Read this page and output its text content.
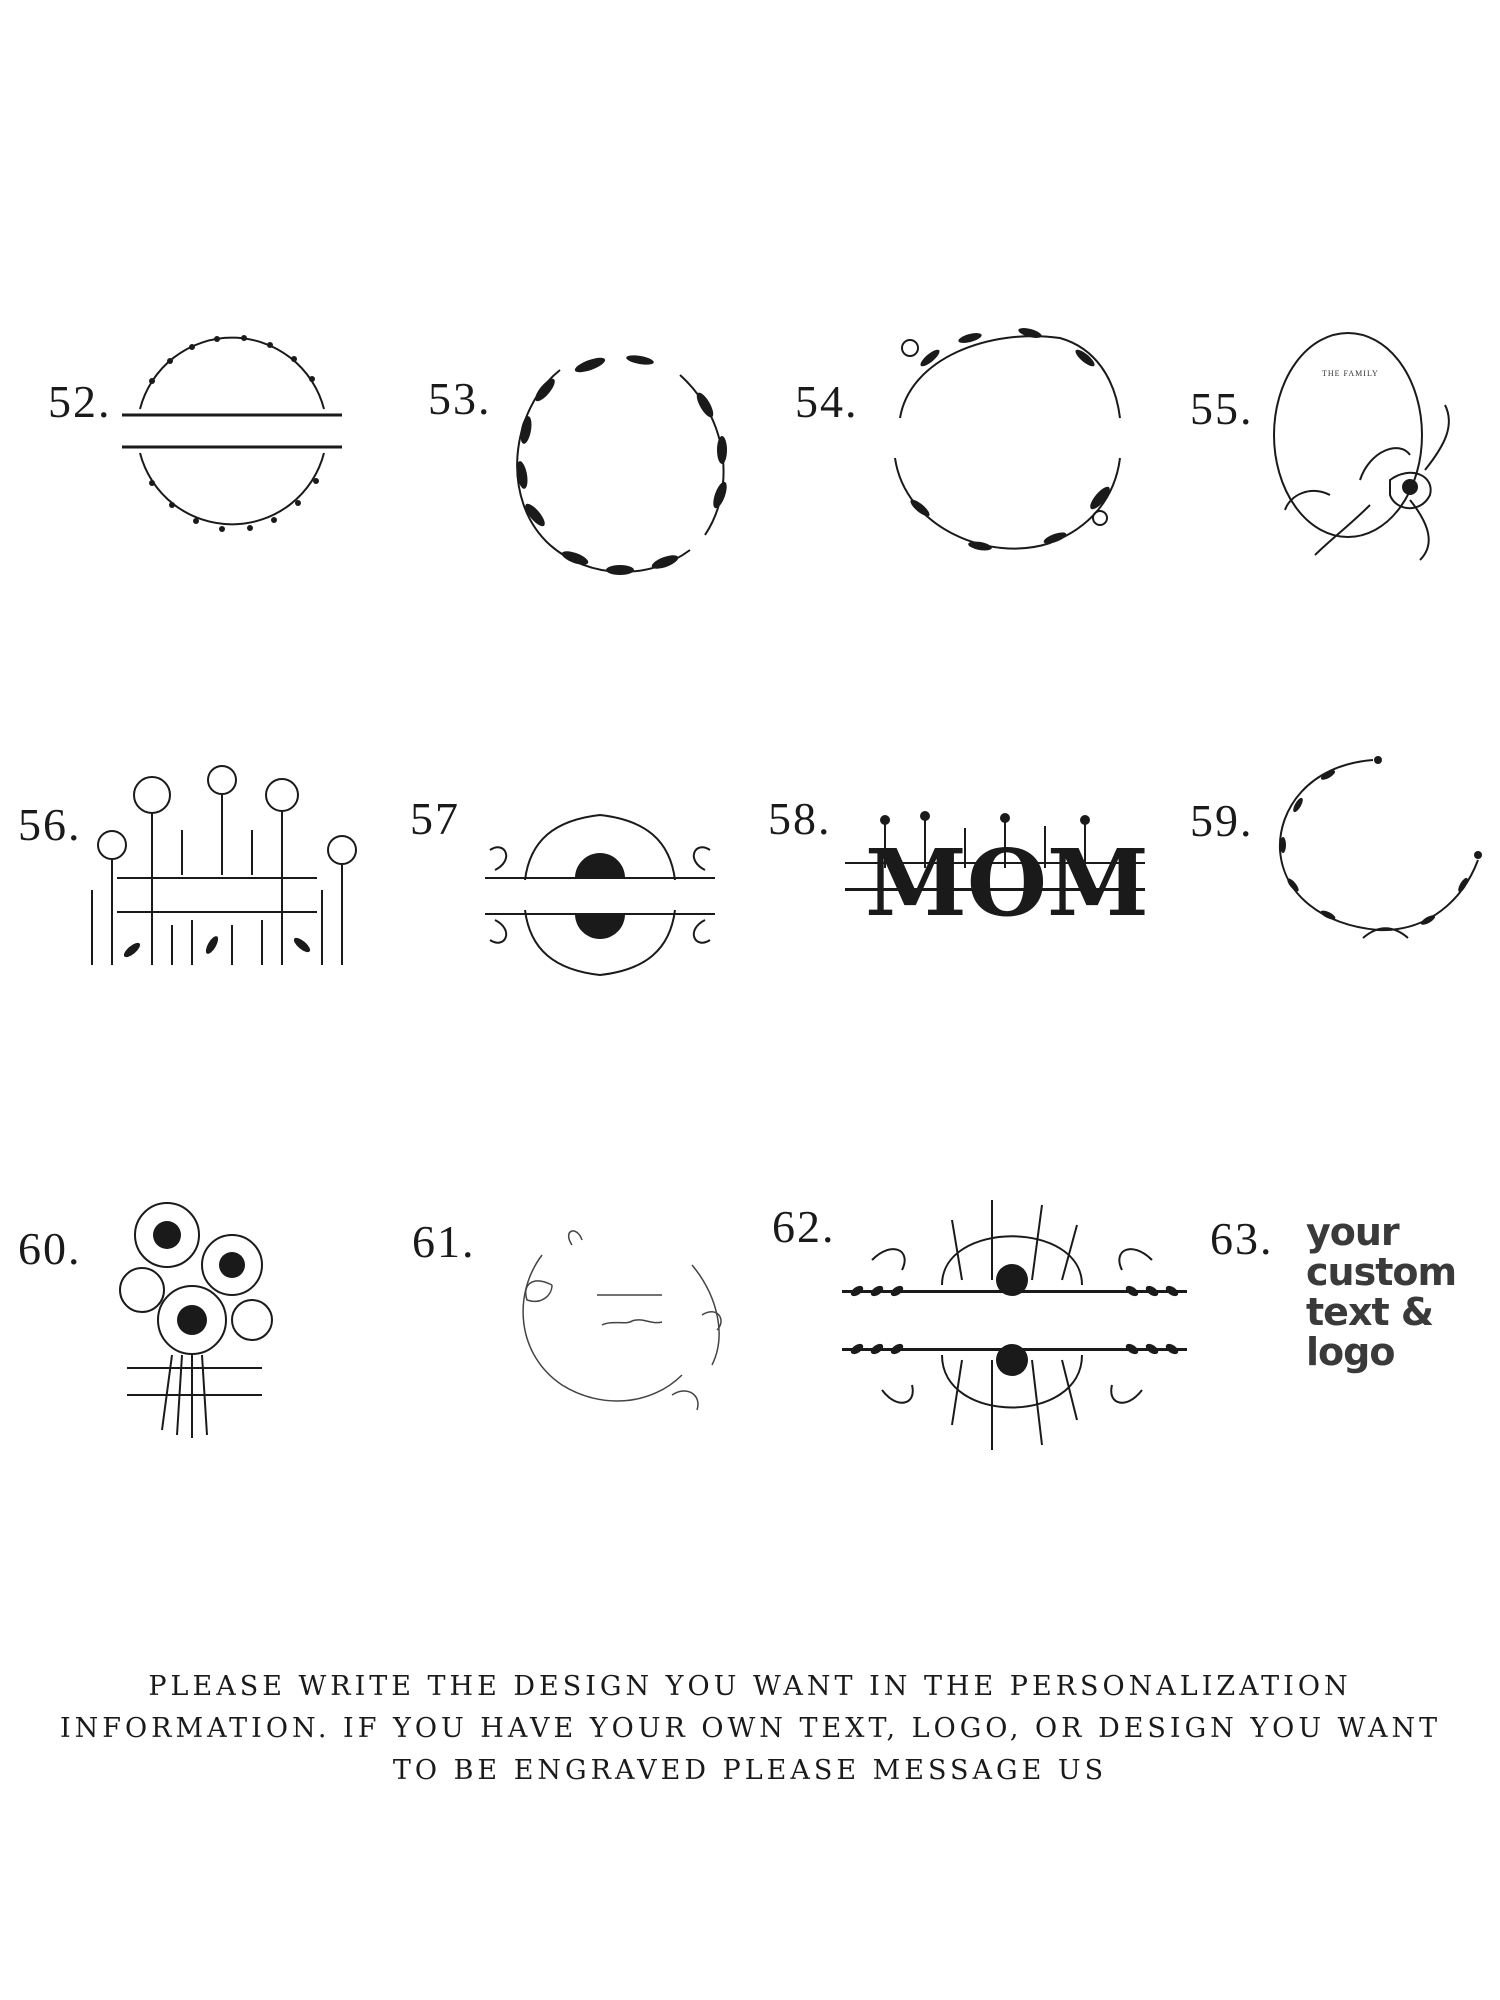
52.	53.	54.	55.
THE FAMILY
56.	57	58.
MOM
59.
60.	61.	62.	63. your
custom
text &
logo
PLEASE WRITE THE DESIGN YOU WANT IN THE PERSONALIZATION
INFORMATION. IF YOU HAVE YOUR OWN TEXT, LOGO, OR DESIGN YOU WANT
TO BE ENGRAVED PLEASE MESSAGE US
